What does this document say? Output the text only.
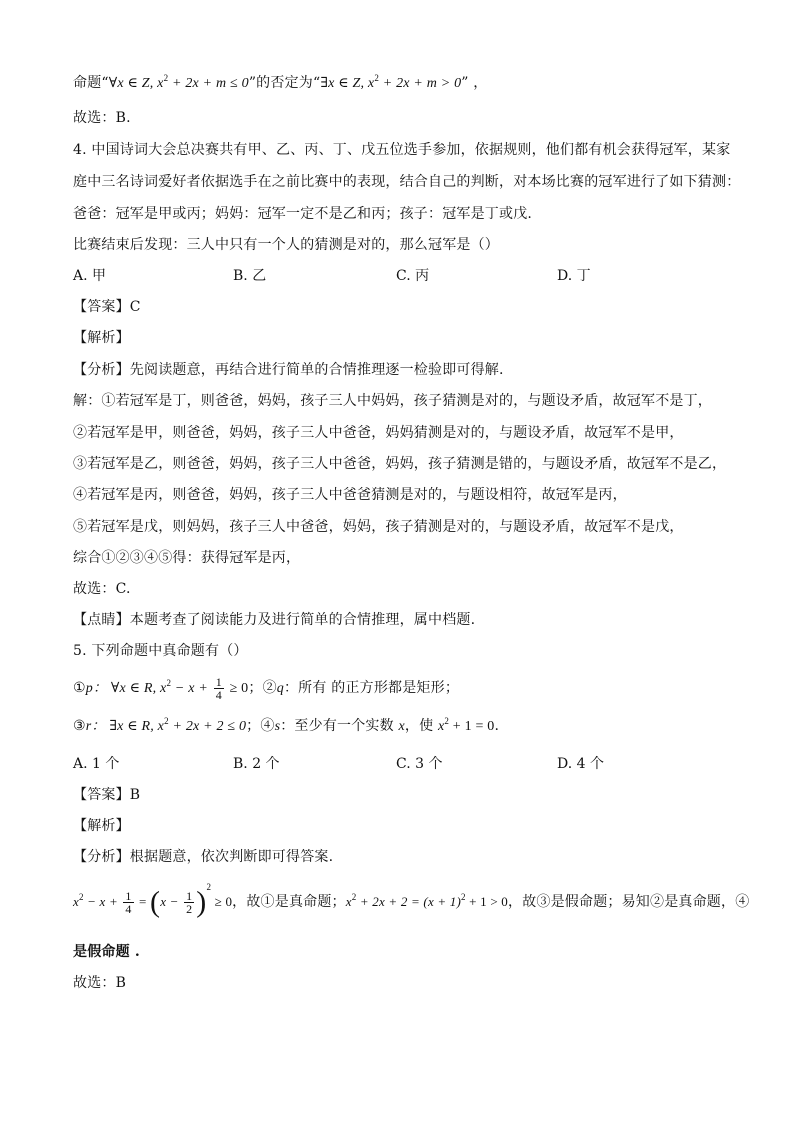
命题“∀x ∈ Z, $x^2 + 2x + m \le 0$”的否定为“∃x ∈ Z, $x^2 + 2x + m > 0$” ，
故选：B.
4. 中国诗词大会总决赛共有甲、乙、丙、丁、戊五位选手参加，依据规则，他们都有机会获得冠军，某家
庭中三名诗词爱好者依据选手在之前比赛中的表现，结合自己的判断，对本场比赛的冠军进行了如下猜测：
爸爸：冠军是甲或丙；妈妈：冠军一定不是乙和丙；孩子：冠军是丁或戊.
比赛结束后发现：三人中只有一个人的猜测是对的，那么冠军是（）
A. 甲	B. 乙	C. 丙	D. 丁
【答案】C
【解析】
【分析】先阅读题意，再结合进行简单的合情推理逐一检验即可得解.
解：①若冠军是丁，则爸爸，妈妈，孩子三人中妈妈，孩子猜测是对的，与题设矛盾，故冠军不是丁，
②若冠军是甲，则爸爸，妈妈，孩子三人中爸爸，妈妈猜测是对的，与题设矛盾，故冠军不是甲，
③若冠军是乙，则爸爸，妈妈，孩子三人中爸爸，妈妈，孩子猜测是错的，与题设矛盾，故冠军不是乙，
④若冠军是丙，则爸爸，妈妈，孩子三人中爸爸猜测是对的，与题设相符，故冠军是丙，
⑤若冠军是戊，则妈妈，孩子三人中爸爸，妈妈，孩子猜测是对的，与题设矛盾，故冠军不是戊，
综合①②③④⑤得：获得冠军是丙，
故选：C.
【点睛】本题考查了阅读能力及进行简单的合情推理，属中档题.
5. 下列命题中真命题有（）
①p： ∀x ∈ R, $x^2 - x + \frac{1}{4} \ge 0$；②q：所有 的正方形都是矩形；
③r： ∃x ∈ R, $x^2 + 2x + 2 \le 0$；④s：至少有一个实数 x，使 $x^2 + 1 = 0$.
A. 1 个	B. 2 个	C. 3 个	D. 4 个
【答案】B
【解析】
【分析】根据题意，依次判断即可得答案.
$x^2 - x + \frac{1}{4} = (x - \frac{1}{2} )^2 \ge 0$，故①是真命题；$x^2 + 2x + 2 = (x + 1)^2 + 1 > 0$，故③是假命题；易知②是真命题，④
是假命题 .
故选：B
